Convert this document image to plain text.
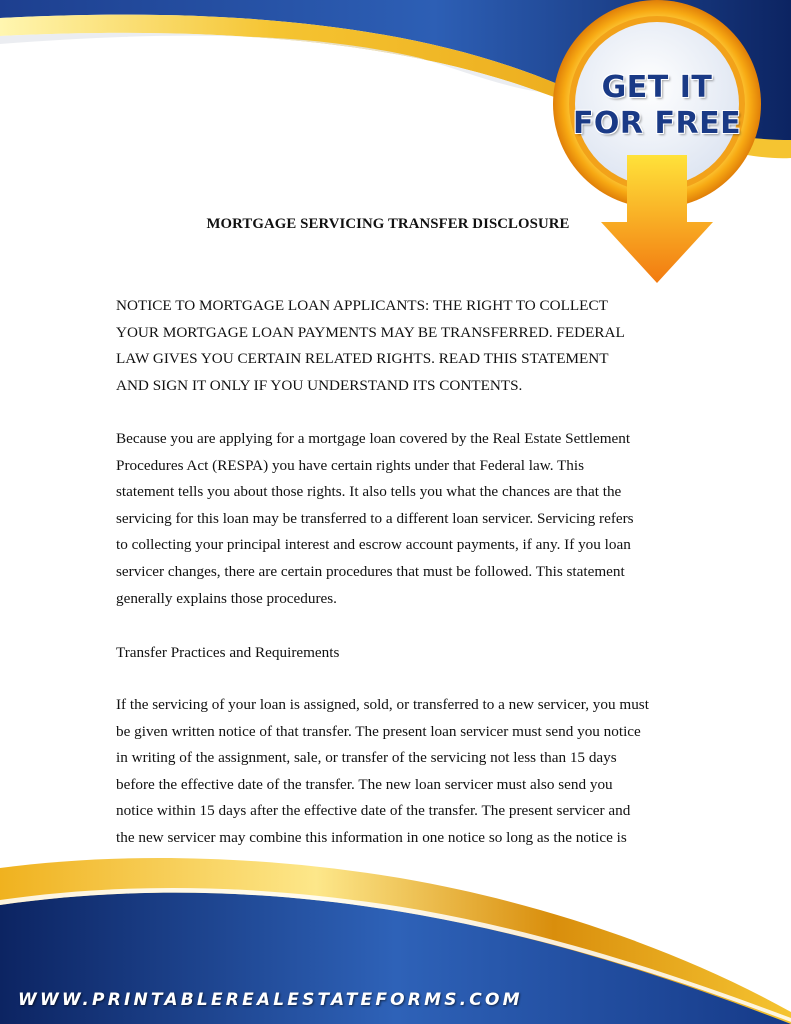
GET IT
FOR FREE
MORTGAGE SERVICING TRANSFER DISCLOSURE
NOTICE TO MORTGAGE LOAN APPLICANTS: THE RIGHT TO COLLECT
YOUR MORTGAGE LOAN PAYMENTS MAY BE TRANSFERRED. FEDERAL
LAW GIVES YOU CERTAIN RELATED RIGHTS. READ THIS STATEMENT
AND SIGN IT ONLY IF YOU UNDERSTAND ITS CONTENTS.
Because you are applying for a mortgage loan covered by the Real Estate Settlement
Procedures Act (RESPA) you have certain rights under that Federal law. This
statement tells you about those rights. It also tells you what the chances are that the
servicing for this loan may be transferred to a different loan servicer. Servicing refers
to collecting your principal interest and escrow account payments, if any. If you loan
servicer changes, there are certain procedures that must be followed. This statement
generally explains those procedures.
Transfer Practices and Requirements
If the servicing of your loan is assigned, sold, or transferred to a new servicer, you must
be given written notice of that transfer. The present loan servicer must send you notice
in writing of the assignment, sale, or transfer of the servicing not less than 15 days
before the effective date of the transfer. The new loan servicer must also send you
notice within 15 days after the effective date of the transfer. The present servicer and
the new servicer may combine this information in one notice so long as the notice is
WWW.PRINTABLEREALESTATEFORMS.COM
